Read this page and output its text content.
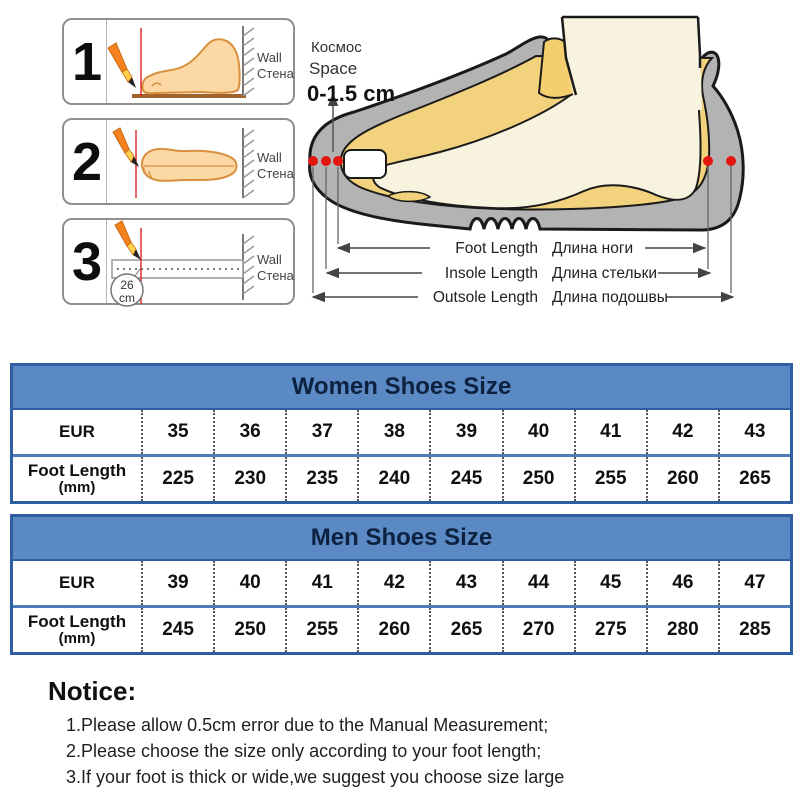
1	Wall
Стена
2	Wall
Стена
3 26
cm
Wall
Стена
Космос
Space
0-1.5 cm
Foot Length Длина ноги
Insole Length Длина стельки
Outsole Length Длина подошвы
Women Shoes Size
EUR	35	36	37	38	39	40	41	42	43
Foot Length
(mm)	225	230	235	240	245	250	255	260	265
Men Shoes Size
EUR	39	40	41	42	43	44	45	46	47
Foot Length
(mm)	245	250	255	260	265	270	275	280	285
Notice:
1.Please allow 0.5cm error due to the Manual Measurement;
2.Please choose the size only according to your foot length;
3.If your foot is thick or wide,we suggest you choose size large
